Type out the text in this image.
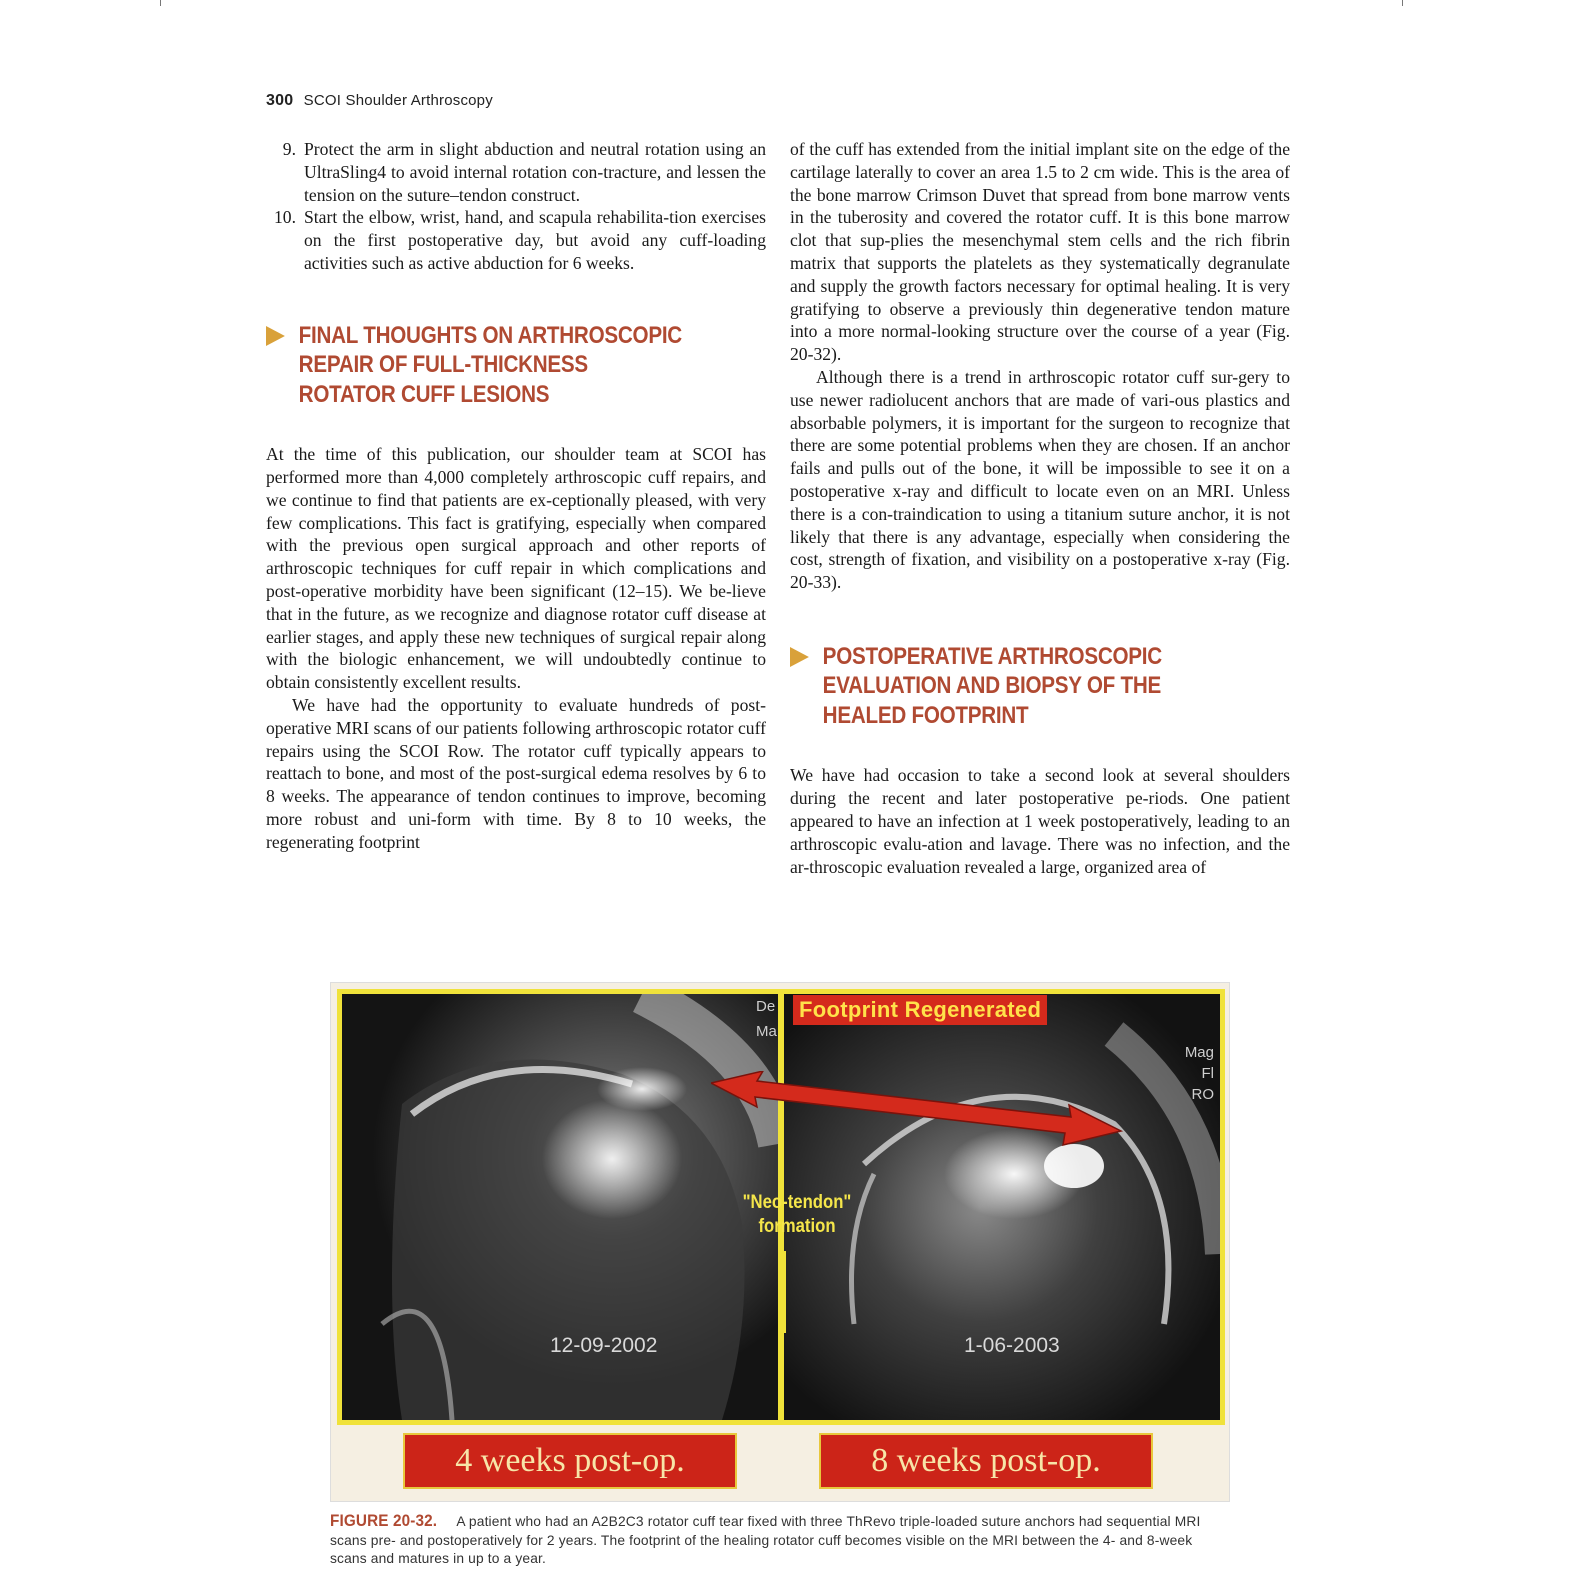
300 SCOI Shoulder Arthroscopy
9. Protect the arm in slight abduction and neutral rotation using an UltraSling4 to avoid internal rotation con-tracture, and lessen the tension on the suture–tendon construct.
10. Start the elbow, wrist, hand, and scapula rehabilita-tion exercises on the first postoperative day, but avoid any cuff-loading activities such as active abduction for 6 weeks.
FINAL THOUGHTS ON ARTHROSCOPIC
REPAIR OF FULL-THICKNESS
ROTATOR CUFF LESIONS

At the time of this publication, our shoulder team at SCOI has performed more than 4,000 completely arthroscopic cuff repairs, and we continue to find that patients are ex-ceptionally pleased, with very few complications. This fact is gratifying, especially when compared with the previous open surgical approach and other reports of arthroscopic techniques for cuff repair in which complications and post-operative morbidity have been significant (12–15). We be-lieve that in the future, as we recognize and diagnose rotator cuff disease at earlier stages, and apply these new techniques of surgical repair along with the biologic enhancement, we will undoubtedly continue to obtain consistently excellent results.

We have had the opportunity to evaluate hundreds of post-operative MRI scans of our patients following arthroscopic rotator cuff repairs using the SCOI Row. The rotator cuff typically appears to reattach to bone, and most of the post-surgical edema resolves by 6 to 8 weeks. The appearance of tendon continues to improve, becoming more robust and uni-form with time. By 8 to 10 weeks, the regenerating footprint

of the cuff has extended from the initial implant site on the edge of the cartilage laterally to cover an area 1.5 to 2 cm wide. This is the area of the bone marrow Crimson Duvet that spread from bone marrow vents in the tuberosity and covered the rotator cuff. It is this bone marrow clot that sup-plies the mesenchymal stem cells and the rich fibrin matrix that supports the platelets as they systematically degranulate and supply the growth factors necessary for optimal healing. It is very gratifying to observe a previously thin degenerative tendon mature into a more normal-looking structure over the course of a year (Fig. 20-32).

Although there is a trend in arthroscopic rotator cuff sur-gery to use newer radiolucent anchors that are made of vari-ous plastics and absorbable polymers, it is important for the surgeon to recognize that there are some potential problems when they are chosen. If an anchor fails and pulls out of the bone, it will be impossible to see it on a postoperative x-ray and difficult to locate even on an MRI. Unless there is a con-traindication to using a titanium suture anchor, it is not likely that there is any advantage, especially when considering the cost, strength of fixation, and visibility on a postoperative x-ray (Fig. 20-33).

POSTOPERATIVE ARTHROSCOPIC
EVALUATION AND BIOPSY OF THE
HEALED FOOTPRINT

We have had occasion to take a second look at several shoulders during the recent and later postoperative pe-riods. One patient appeared to have an infection at 1 week postoperatively, leading to an arthroscopic evalu-ation and lavage. There was no infection, and the ar-throscopic evaluation revealed a large, organized area of

De
Ma
12-09-2002
Mag
Fl
RO
1-06-2003
Footprint Regenerated
"Neo-tendon"
formation
4 weeks post-op.	8 weeks post-op.
FIGURE 20-32. A patient who had an A2B2C3 rotator cuff tear fixed with three ThRevo triple-loaded suture anchors had sequential MRI scans pre- and postoperatively for 2 years. The footprint of the healing rotator cuff becomes visible on the MRI between the 4- and 8-week scans and matures in up to a year.
